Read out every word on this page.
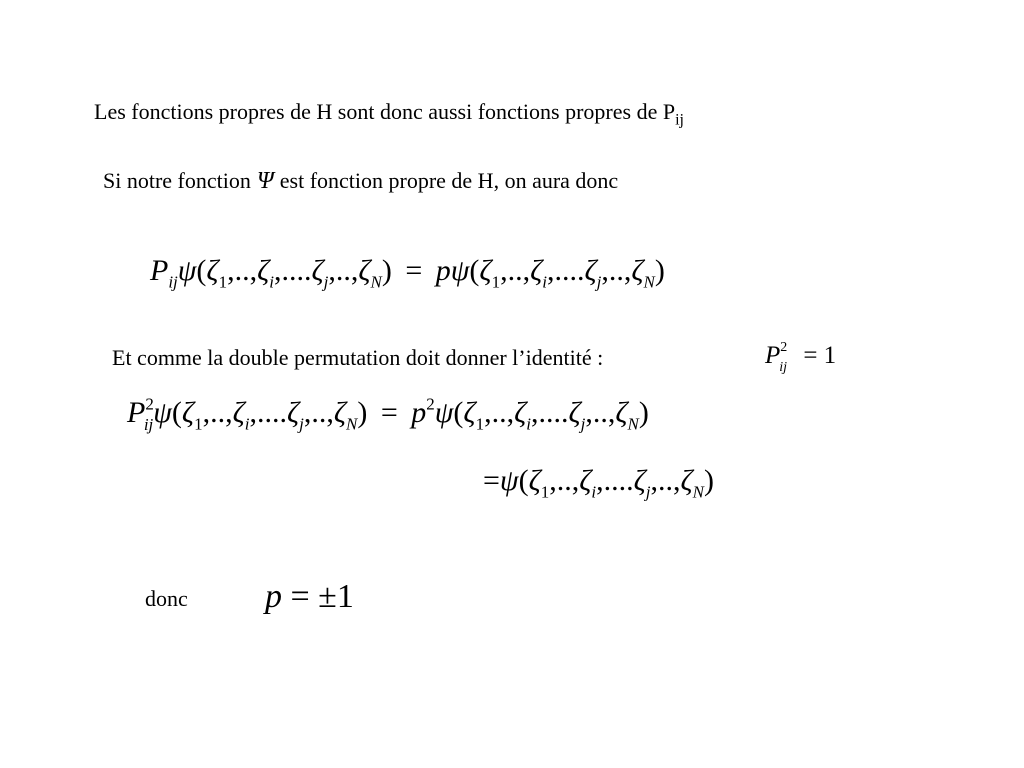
Les fonctions propres de H sont donc aussi fonctions propres de $P_{ij}$
Si notre fonction Ψ est fonction propre de H, on aura donc
$P_{ij}\psi(\zeta_1,..,\zeta_i,....\zeta_j,..,\zeta_N) = p\psi(\zeta_1,..,\zeta_i,....\zeta_j,..,\zeta_N)$
Et comme la double permutation doit donner l’identité :	$P^2_{ij} = 1$
$P^2_{ij}\psi(\zeta_1,..,\zeta_i,....\zeta_j,..,\zeta_N) = p^2\psi(\zeta_1,..,\zeta_i,....\zeta_j,..,\zeta_N)$
$=\psi(\zeta_1,..,\zeta_i,....\zeta_j,..,\zeta_N)$
donc p = ±1
